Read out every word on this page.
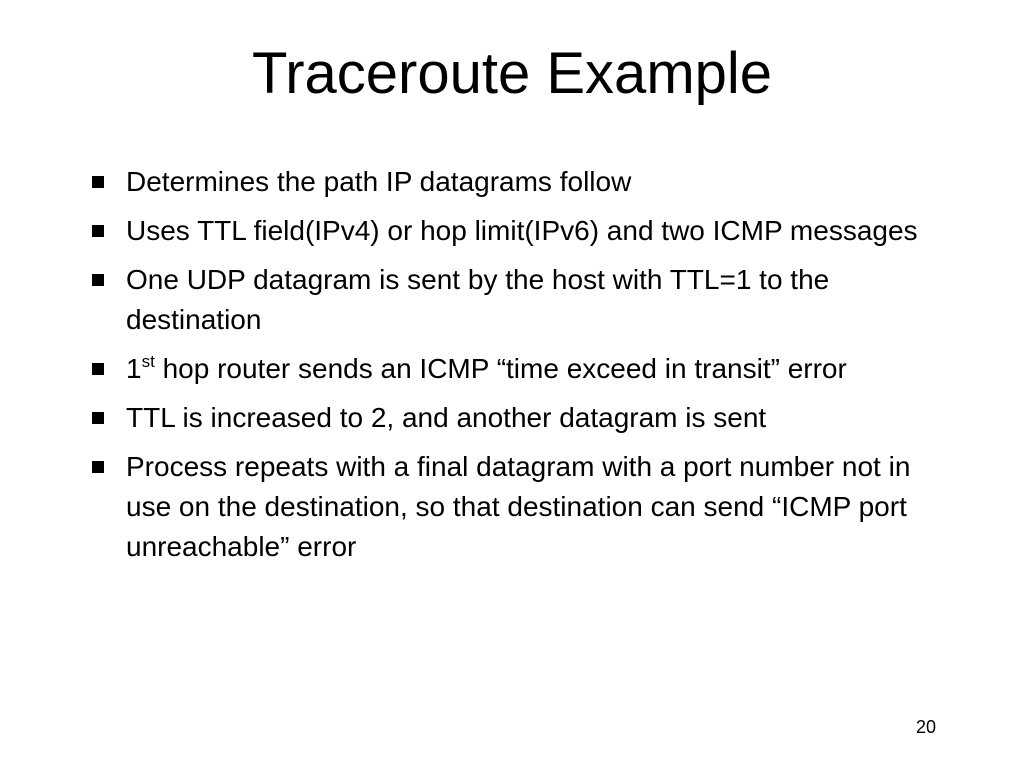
Traceroute Example
Determines the path IP datagrams follow
Uses TTL field(IPv4) or hop limit(IPv6) and two ICMP messages
One UDP datagram is sent by the host with TTL=1 to the destination
1st hop router sends an ICMP “time exceed in transit” error
TTL is increased to 2, and another datagram is sent
Process repeats with a final datagram with a port number not in use on the destination, so that destination can send “ICMP port unreachable” error
20
